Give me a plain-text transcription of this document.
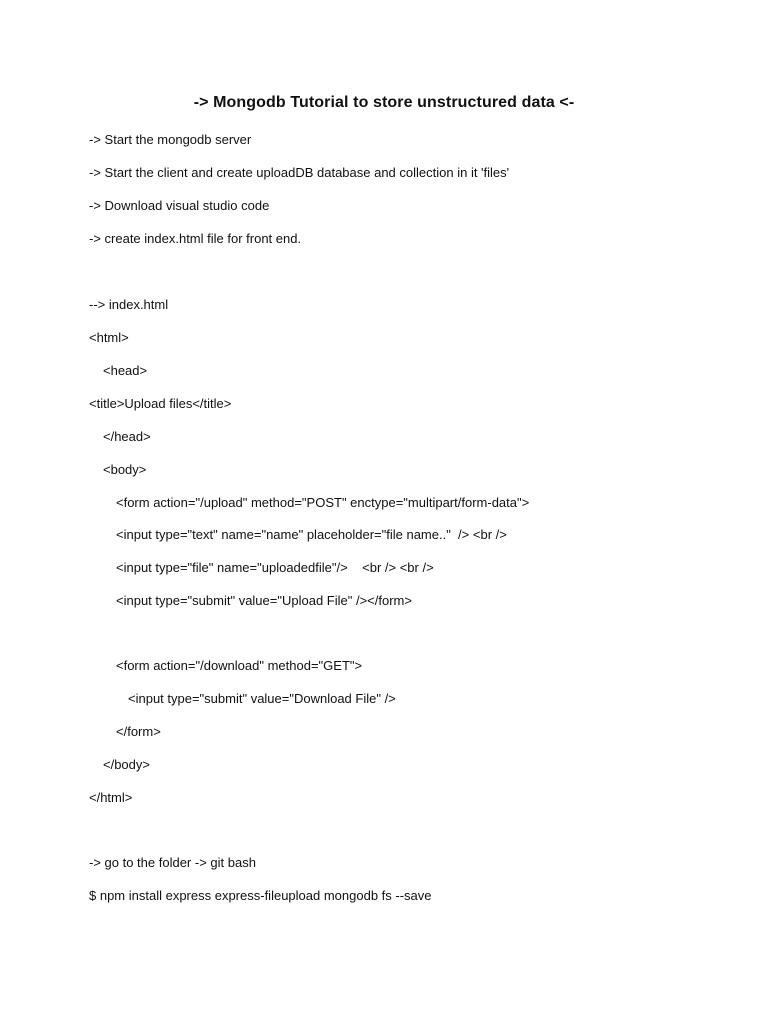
-> Mongodb Tutorial to store unstructured data <-
-> Start the mongodb server
-> Start the client and create uploadDB database and collection in it 'files'
-> Download visual studio code
-> create index.html file for front end.
--> index.html
<html>
<head>
<title>Upload files</title>
</head>
<body>
<form action="/upload" method="POST" enctype="multipart/form-data">
<input type="text" name="name" placeholder="file name.."  /> <br />
<input type="file" name="uploadedfile"/>    <br /> <br />
<input type="submit" value="Upload File" /></form>
<form action="/download" method="GET">
<input type="submit" value="Download File" />
</form>
</body>
</html>
-> go to the folder -> git bash
$ npm install express express-fileupload mongodb fs --save
